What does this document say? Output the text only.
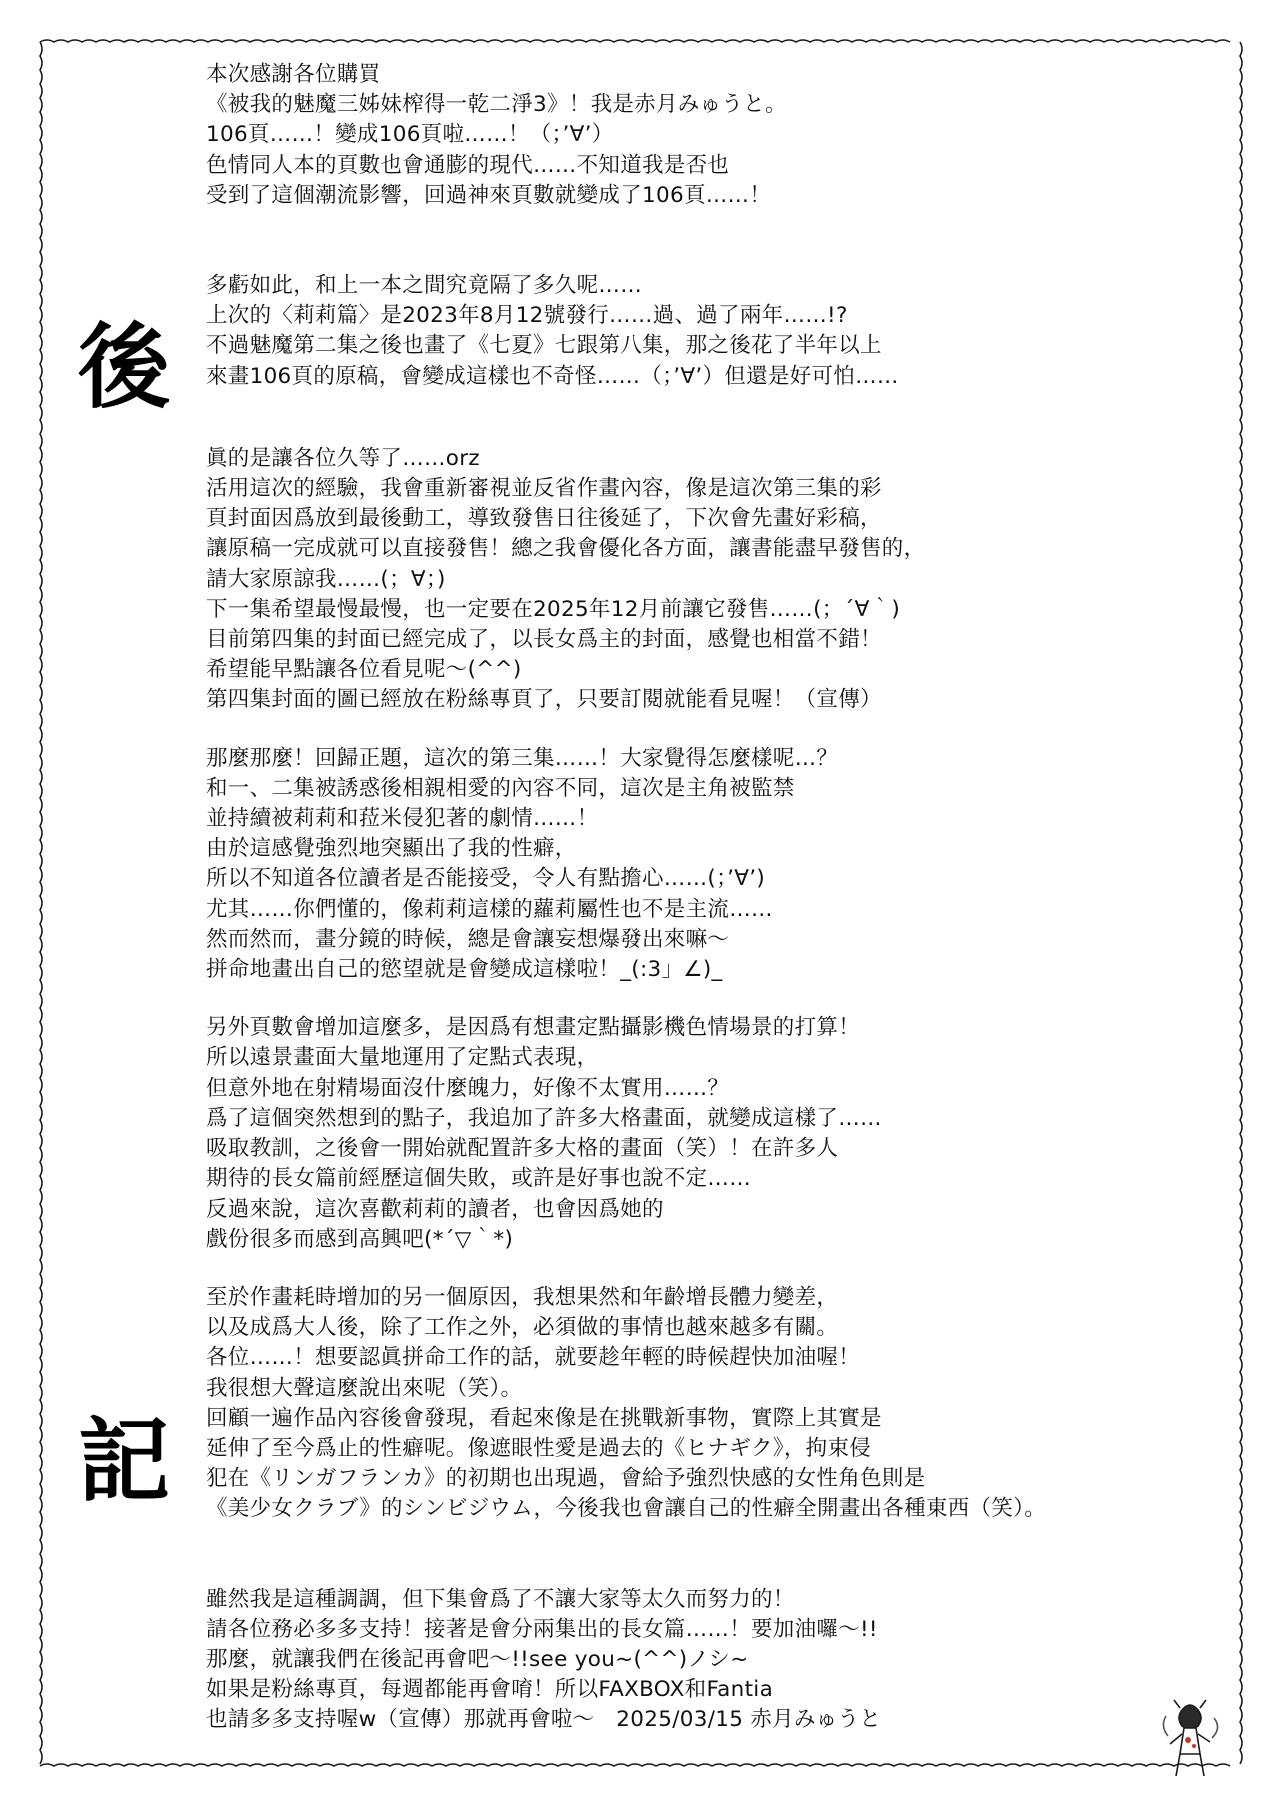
後
記
本次感謝各位購買
《被我的魅魔三姊妹榨得一乾二淨3》！我是赤月みゅうと。
106頁……！變成106頁啦……！（；’∀’）
色情同人本的頁數也會通膨的現代……不知道我是否也
受到了這個潮流影響，回過神來頁數就變成了106頁……！
多虧如此，和上一本之間究竟隔了多久呢……
上次的〈莉莉篇〉是2023年8月12號發行……過、過了兩年……!?
不過魅魔第二集之後也畫了《七夏》七跟第八集，那之後花了半年以上
來畫106頁的原稿，會變成這樣也不奇怪……（；’∀’）但還是好可怕……
眞的是讓各位久等了……orz
活用這次的經驗，我會重新審視並反省作畫內容，像是這次第三集的彩
頁封面因爲放到最後動工，導致發售日往後延了，下次會先畫好彩稿，
讓原稿一完成就可以直接發售！總之我會優化各方面，讓書能盡早發售的，
請大家原諒我……(；∀；)
下一集希望最慢最慢，也一定要在2025年12月前讓它發售……(；´∀｀)
目前第四集的封面已經完成了，以長女爲主的封面，感覺也相當不錯！
希望能早點讓各位看見呢～(^^)
第四集封面的圖已經放在粉絲專頁了，只要訂閱就能看見喔！（宣傳）
那麼那麼！回歸正題，這次的第三集……！大家覺得怎麼樣呢…？
和一、二集被誘惑後相親相愛的內容不同，這次是主角被監禁
並持續被莉莉和菈米侵犯著的劇情……！
由於這感覺強烈地突顯出了我的性癖，
所以不知道各位讀者是否能接受，令人有點擔心……(；’∀’)
尤其……你們懂的，像莉莉這樣的蘿莉屬性也不是主流……
然而然而，畫分鏡的時候，總是會讓妄想爆發出來嘛～
拼命地畫出自己的慾望就是會變成這樣啦！_(:3」∠)_
另外頁數會增加這麼多，是因爲有想畫定點攝影機色情場景的打算！
所以遠景畫面大量地運用了定點式表現，
但意外地在射精場面沒什麼魄力，好像不太實用……？
爲了這個突然想到的點子，我追加了許多大格畫面，就變成這樣了……
吸取教訓，之後會一開始就配置許多大格的畫面（笑）！在許多人
期待的長女篇前經歷這個失敗，或許是好事也說不定……
反過來說，這次喜歡莉莉的讀者，也會因爲她的
戲份很多而感到高興吧(*´▽｀*)
至於作畫耗時增加的另一個原因，我想果然和年齡增長體力變差，
以及成爲大人後，除了工作之外，必須做的事情也越來越多有關。
各位……！想要認眞拼命工作的話，就要趁年輕的時候趕快加油喔！
我很想大聲這麼說出來呢（笑）。
回顧一遍作品內容後會發現，看起來像是在挑戰新事物，實際上其實是
延伸了至今爲止的性癖呢。像遮眼性愛是過去的《ヒナギク》，拘束侵
犯在《リンガフランカ》的初期也出現過，會給予強烈快感的女性角色則是
《美少女クラブ》的シンビジウム，今後我也會讓自己的性癖全開畫出各種東西（笑）。
雖然我是這種調調，但下集會爲了不讓大家等太久而努力的！
請各位務必多多支持！接著是會分兩集出的長女篇……！要加油囉～!!
那麼，就讓我們在後記再會吧～!!see you~(^^)ノシ~
如果是粉絲專頁，每週都能再會唷！所以FAXBOX和Fantia
也請多多支持喔w（宣傳）那就再會啦～　2025/03/15 赤月みゅうと
